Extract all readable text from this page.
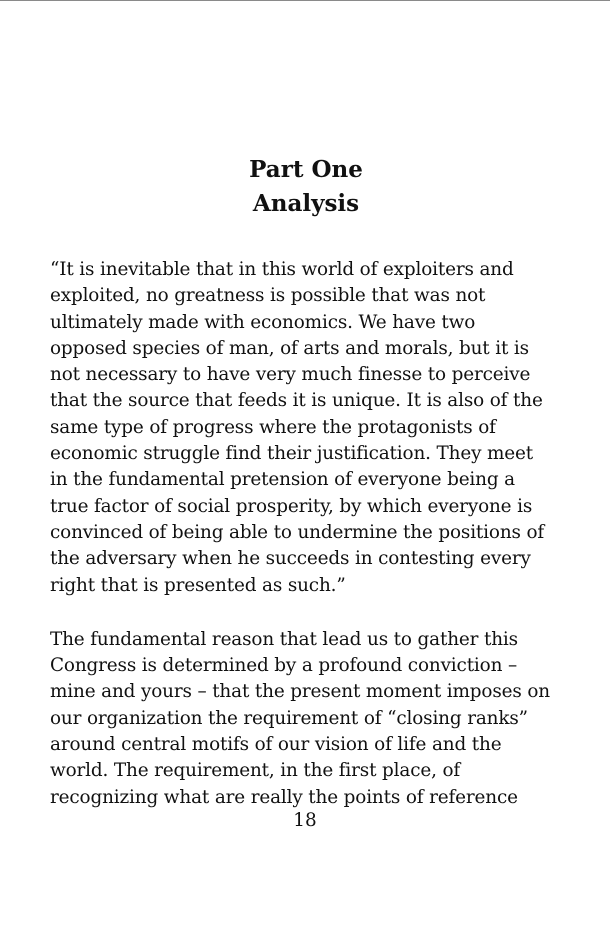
Part One
Analysis

“It is inevitable that in this world of exploiters and
exploited, no greatness is possible that was not
ultimately made with economics. We have two
opposed species of man, of arts and morals, but it is
not necessary to have very much finesse to perceive
that the source that feeds it is unique. It is also of the
same type of progress where the protagonists of
economic struggle find their justification. They meet
in the fundamental pretension of everyone being a
true factor of social prosperity, by which everyone is
convinced of being able to undermine the positions of
the adversary when he succeeds in contesting every
right that is presented as such.”

The fundamental reason that lead us to gather this
Congress is determined by a profound conviction –
mine and yours – that the present moment imposes on
our organization the requirement of “closing ranks”
around central motifs of our vision of life and the
world. The requirement, in the first place, of
recognizing what are really the points of reference

18
